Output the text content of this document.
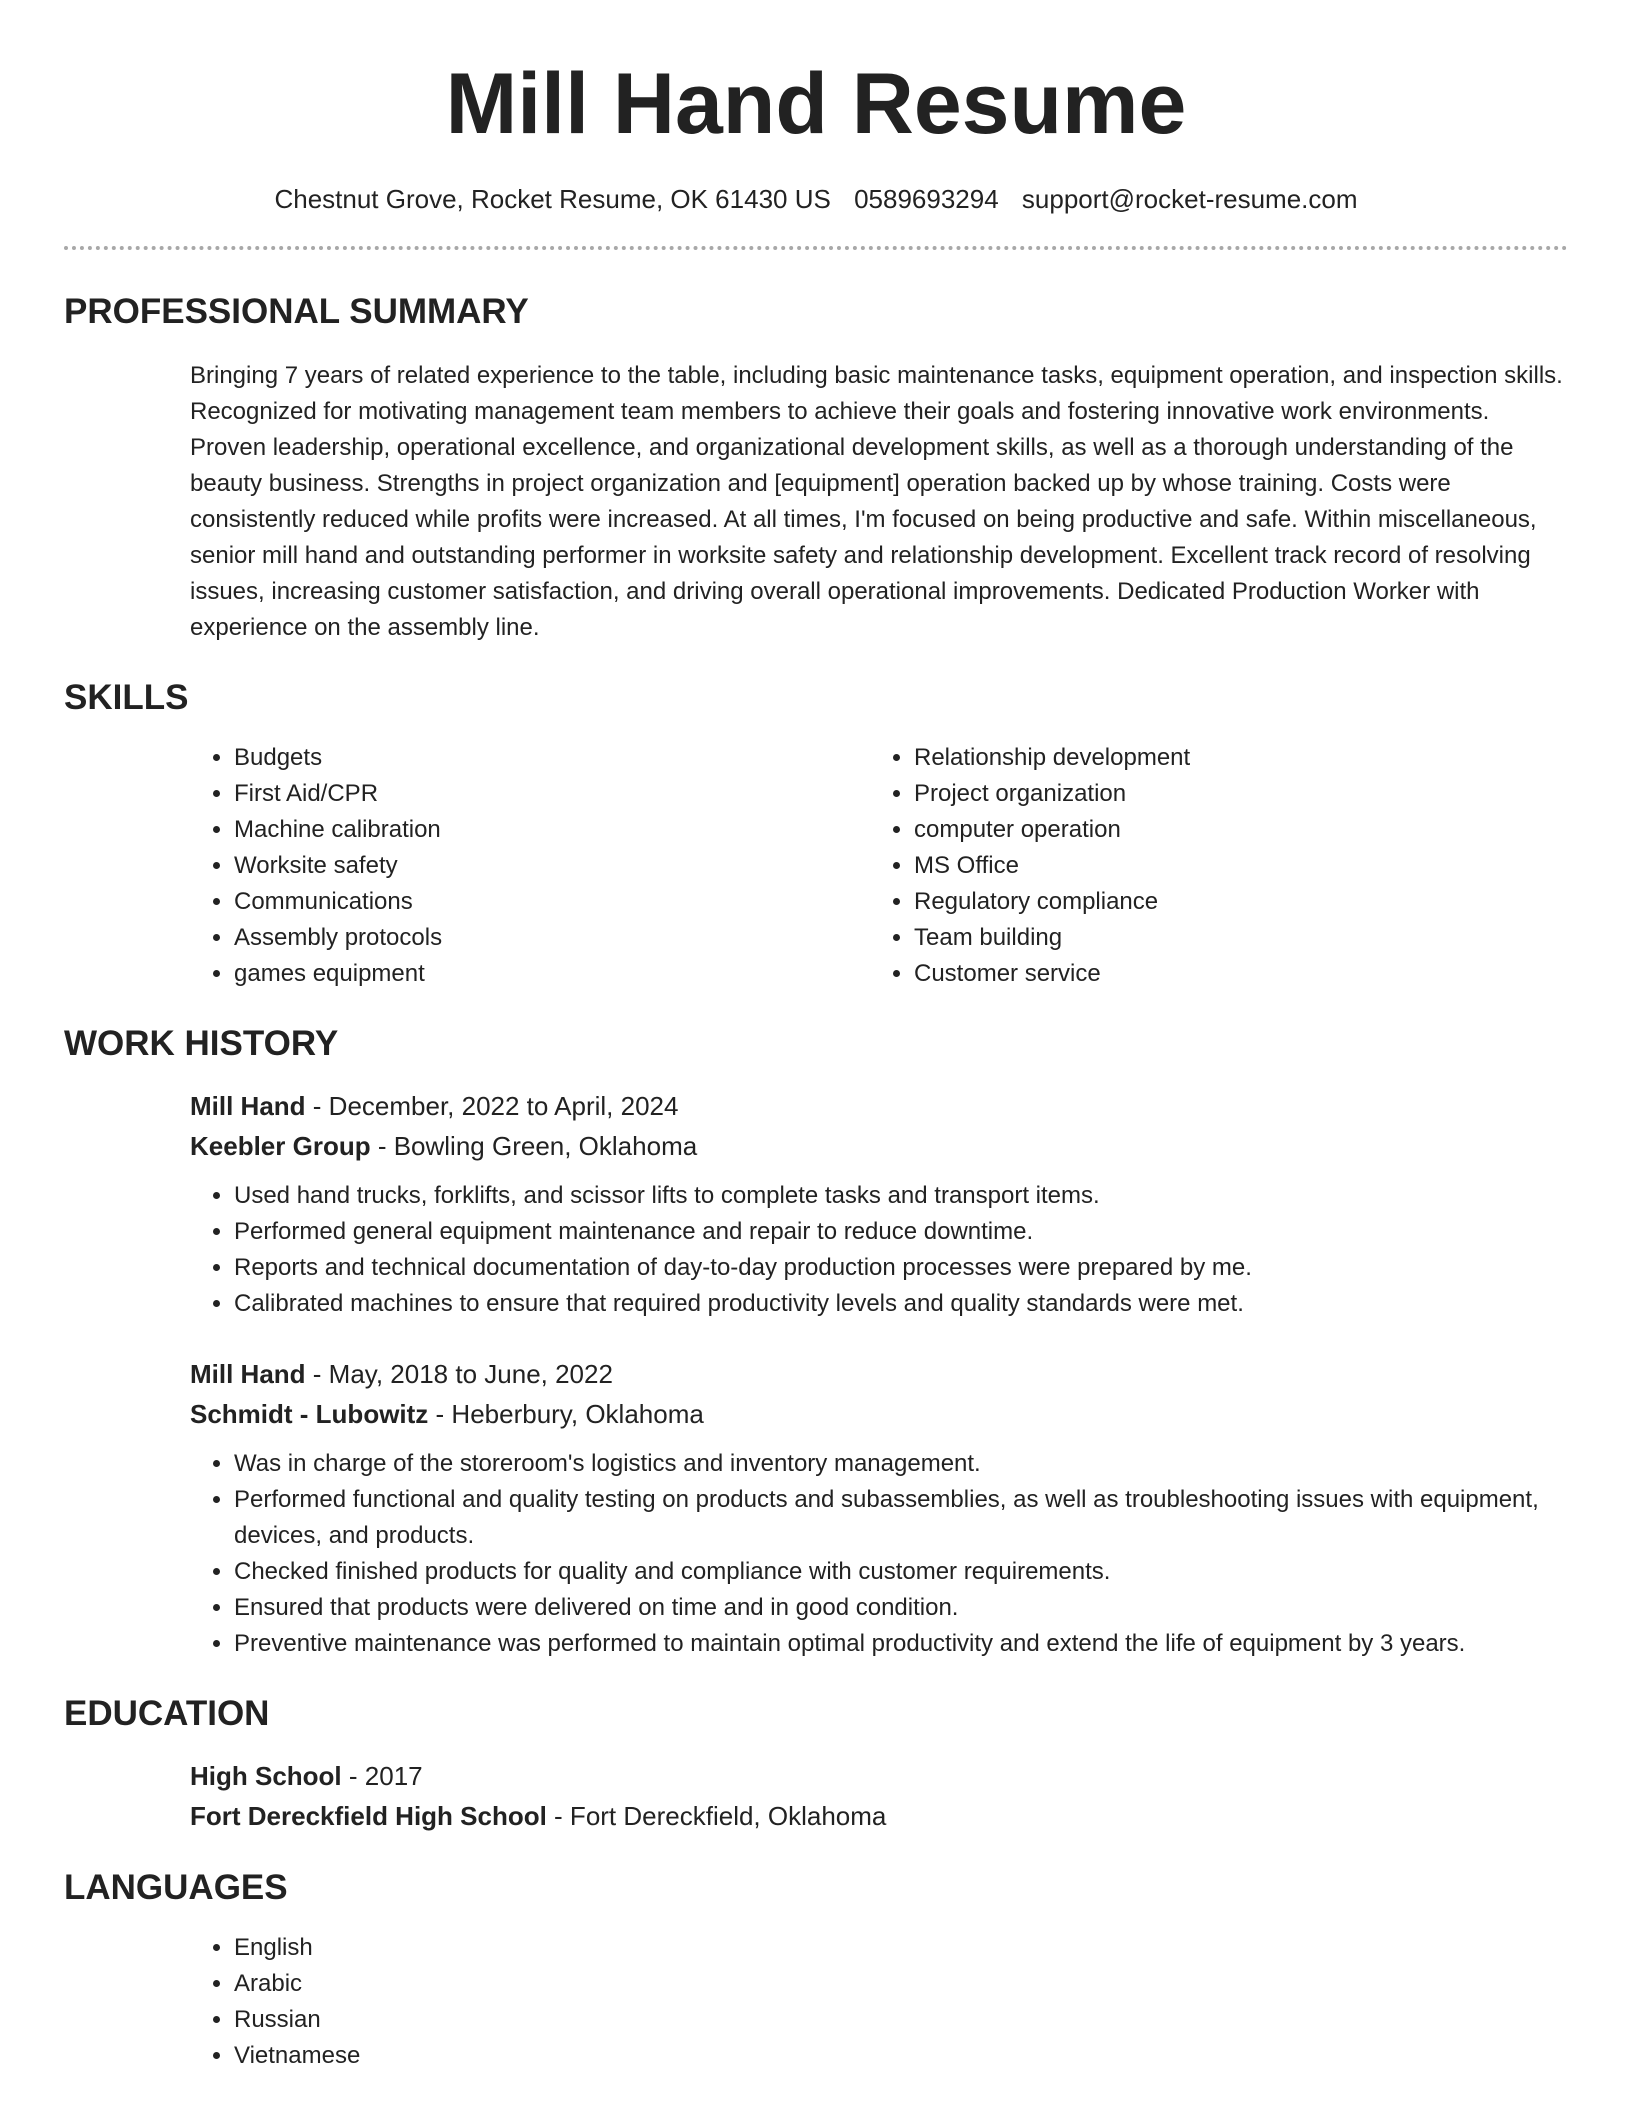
Mill Hand Resume
Chestnut Grove, Rocket Resume, OK 61430 US 0589693294 support@rocket-resume.com
PROFESSIONAL SUMMARY

Bringing 7 years of related experience to the table, including basic maintenance tasks, equipment operation, and inspection skills. Recognized for motivating management team members to achieve their goals and fostering innovative work environments. Proven leadership, operational excellence, and organizational development skills, as well as a thorough understanding of the beauty business. Strengths in project organization and [equipment] operation backed up by whose training. Costs were consistently reduced while profits were increased. At all times, I'm focused on being productive and safe. Within miscellaneous, senior mill hand and outstanding performer in worksite safety and relationship development. Excellent track record of resolving issues, increasing customer satisfaction, and driving overall operational improvements. Dedicated Production Worker with experience on the assembly line.

SKILLS
• Budgets
• First Aid/CPR
• Machine calibration
• Worksite safety
• Communications
• Assembly protocols
• games equipment
• Relationship development
• Project organization
• computer operation
• MS Office
• Regulatory compliance
• Team building
• Customer service
WORK HISTORY
Mill Hand - December, 2022 to April, 2024
Keebler Group - Bowling Green, Oklahoma
• Used hand trucks, forklifts, and scissor lifts to complete tasks and transport items.
• Performed general equipment maintenance and repair to reduce downtime.
• Reports and technical documentation of day-to-day production processes were prepared by me.
• Calibrated machines to ensure that required productivity levels and quality standards were met.
Mill Hand - May, 2018 to June, 2022
Schmidt - Lubowitz - Heberbury, Oklahoma
• Was in charge of the storeroom's logistics and inventory management.
• Performed functional and quality testing on products and subassemblies, as well as troubleshooting issues with equipment, devices, and products.
• Checked finished products for quality and compliance with customer requirements.
• Ensured that products were delivered on time and in good condition.
• Preventive maintenance was performed to maintain optimal productivity and extend the life of equipment by 3 years.
EDUCATION
High School - 2017
Fort Dereckfield High School - Fort Dereckfield, Oklahoma
LANGUAGES
• English
• Arabic
• Russian
• Vietnamese
